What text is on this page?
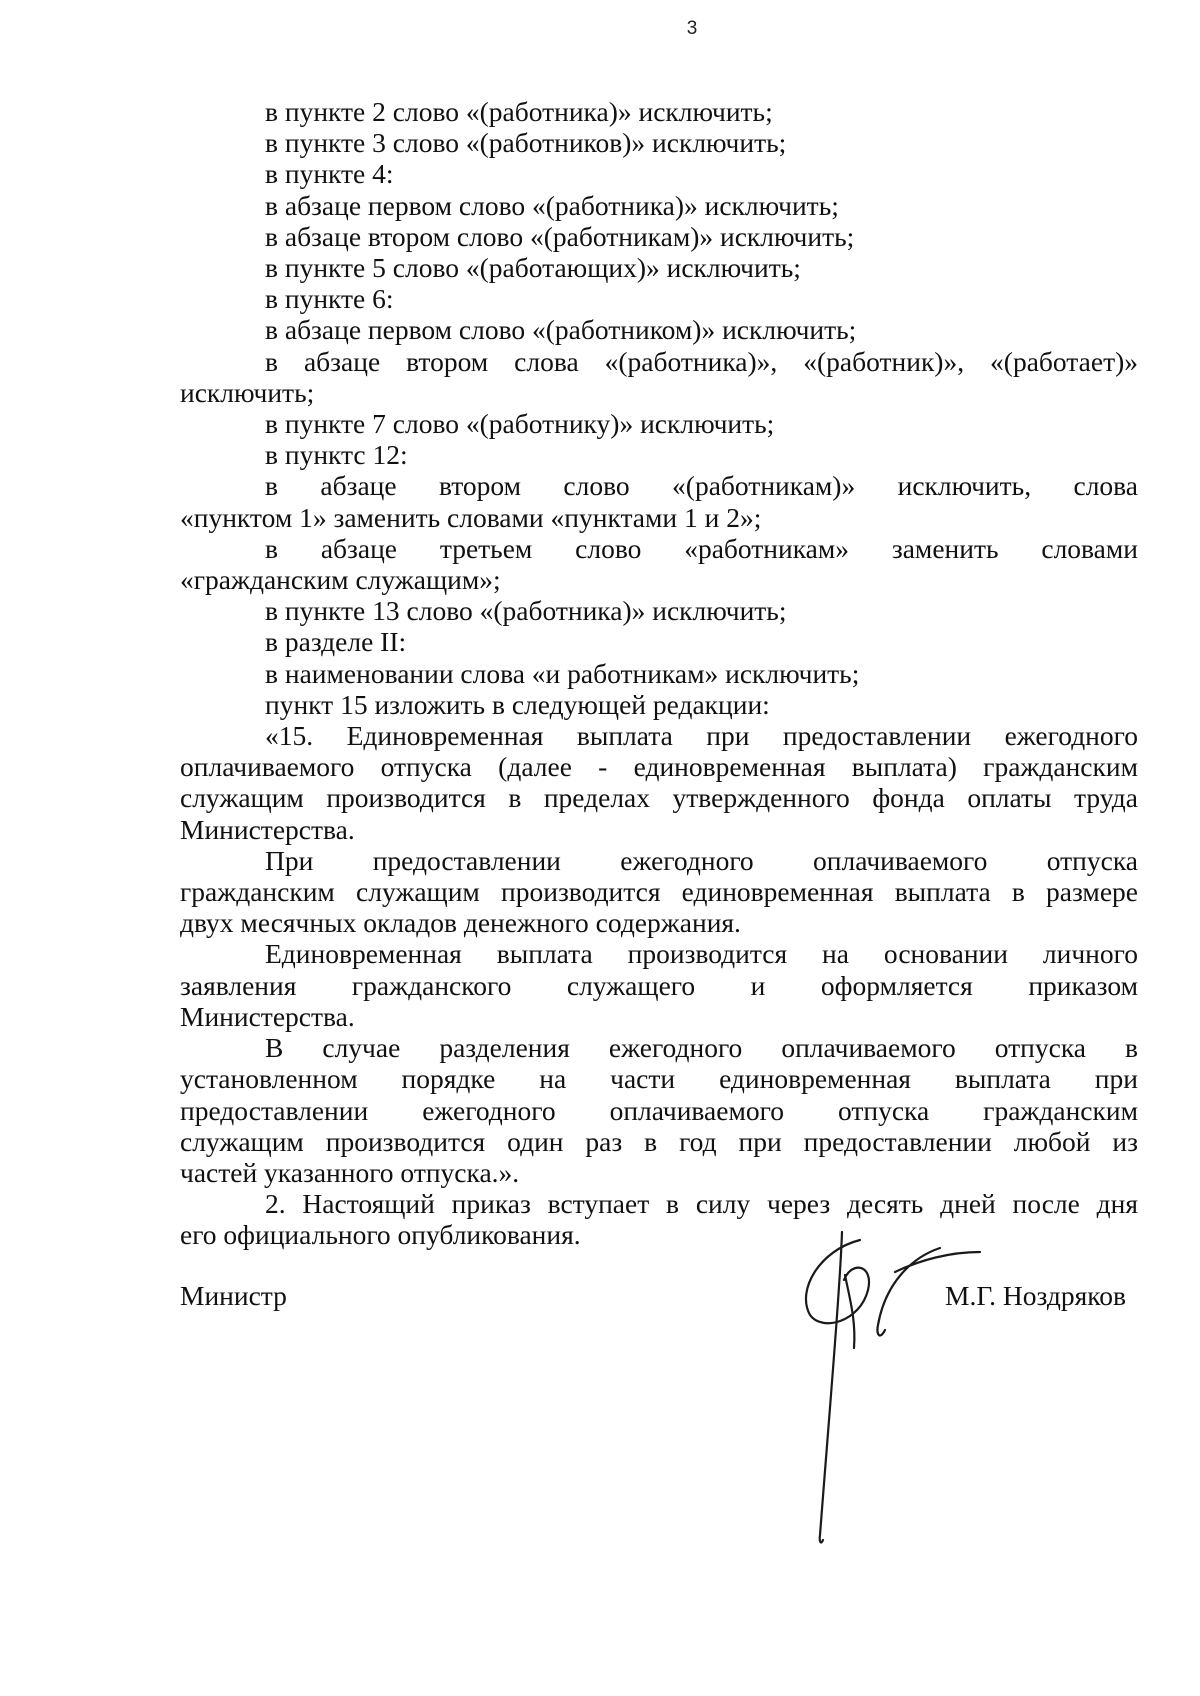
3
в пункте 2 слово «(работника)» исключить;
в пункте 3 слово «(работников)» исключить;
в пункте 4:
в абзаце первом слово «(работника)» исключить;
в абзаце втором слово «(работникам)» исключить;
в пункте 5 слово «(работающих)» исключить;
в пункте 6:
в абзаце первом слово «(работником)» исключить;
в абзаце втором слова «(работника)», «(работник)», «(работает)»
исключить;
в пункте 7 слово «(работнику)» исключить;
в пунктс 12:
в абзаце втором слово «(работникам)» исключить, слова
«пунктом 1» заменить словами «пунктами 1 и 2»;
в абзаце третьем слово «работникам» заменить словами
«гражданским служащим»;
в пункте 13 слово «(работника)» исключить;
в разделе II:
в наименовании слова «и работникам» исключить;
пункт 15 изложить в следующей редакции:
«15. Единовременная выплата при предоставлении ежегодного
оплачиваемого отпуска (далее - единовременная выплата) гражданским
служащим производится в пределах утвержденного фонда оплаты труда
Министерства.
При предоставлении ежегодного оплачиваемого отпуска
гражданским служащим производится единовременная выплата в размере
двух месячных окладов денежного содержания.
Единовременная выплата производится на основании личного
заявления гражданского служащего и оформляется приказом
Министерства.
В случае разделения ежегодного оплачиваемого отпуска в
установленном порядке на части единовременная выплата при
предоставлении ежегодного оплачиваемого отпуска гражданским
служащим производится один раз в год при предоставлении любой из
частей указанного отпуска.».
2. Настоящий приказ вступает в силу через десять дней после дня
его официального опубликования.
Министр	М.Г. Ноздряков
